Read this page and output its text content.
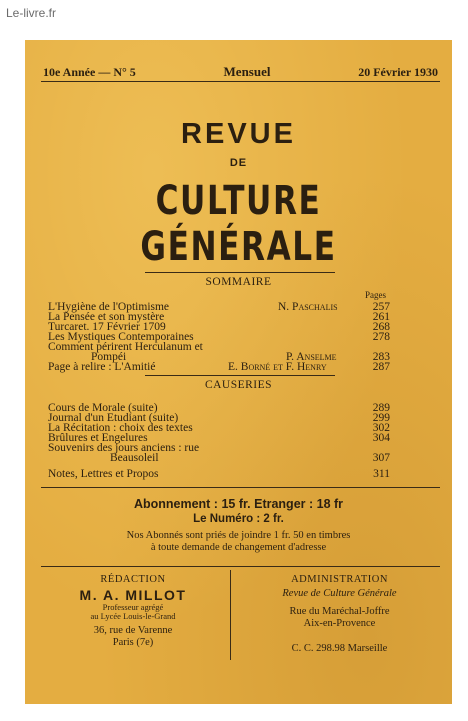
Le-livre.fr
10e Année — N° 5	Mensuel	20 Février 1930
REVUE
DE
CULTURE GÉNÉRALE
SOMMAIRE
Pages
L'Hygiène de l'Optimisme	N. Paschalis	257
La Pensée et son mystère	261
Turcaret. 17 Février 1709	268
Les Mystiques Contemporaines	278
Comment périrent Herculanum et
Pompéi	P. Anselme	283
Page à relire : L'Amitié	E. Borné et F. Henry	287
CAUSERIES
Cours de Morale (suite)	289
Journal d'un Etudiant (suite)	299
La Récitation : choix des textes	302
Brûlures et Engelures	304
Souvenirs des jours anciens : rue
Beausoleil	307
Notes, Lettres et Propos	311
Abonnement : 15 fr. Etranger : 18 fr
Le Numéro : 2 fr.
Nos Abonnés sont priés de joindre 1 fr. 50 en timbres
à toute demande de changement d'adresse
RÉDACTION
M. A. MILLOT
Professeur agrégé
au Lycée Louis-le-Grand
36, rue de Varenne
Paris (7e)
ADMINISTRATION
Revue de Culture Générale
Rue du Maréchal-Joffre
Aix-en-Provence
C. C. 298.98 Marseille
